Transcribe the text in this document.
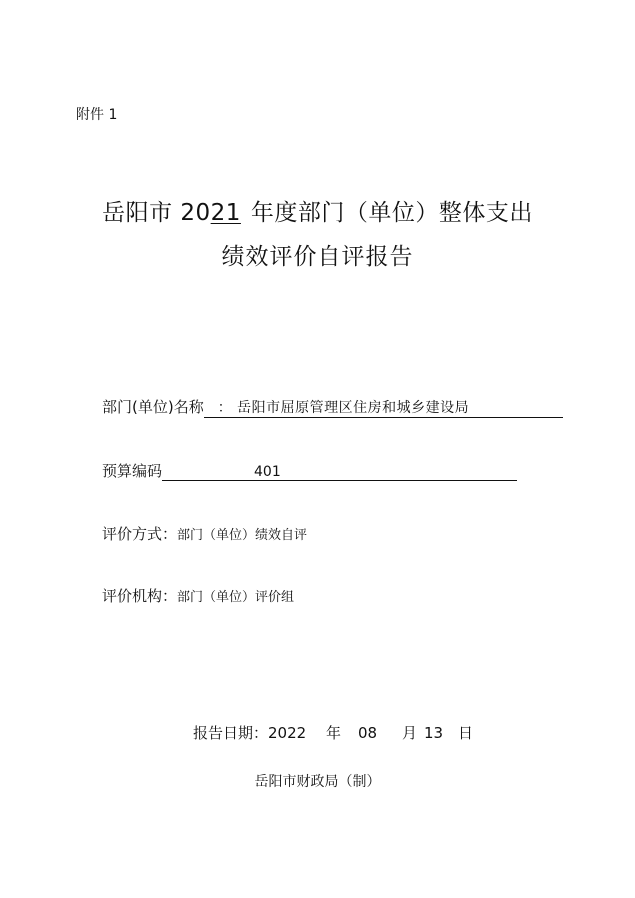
附件 1
岳阳市 2021 年度部门（单位）整体支出
绩效评价自评报告
部门(单位)名称 ： 岳阳市屈原管理区住房和城乡建设局
预算编码	401
评价方式：部门（单位）绩效自评
评价机构：部门（单位）评价组
报告日期：2022 年 08 月 13 日
岳阳市财政局（制）
